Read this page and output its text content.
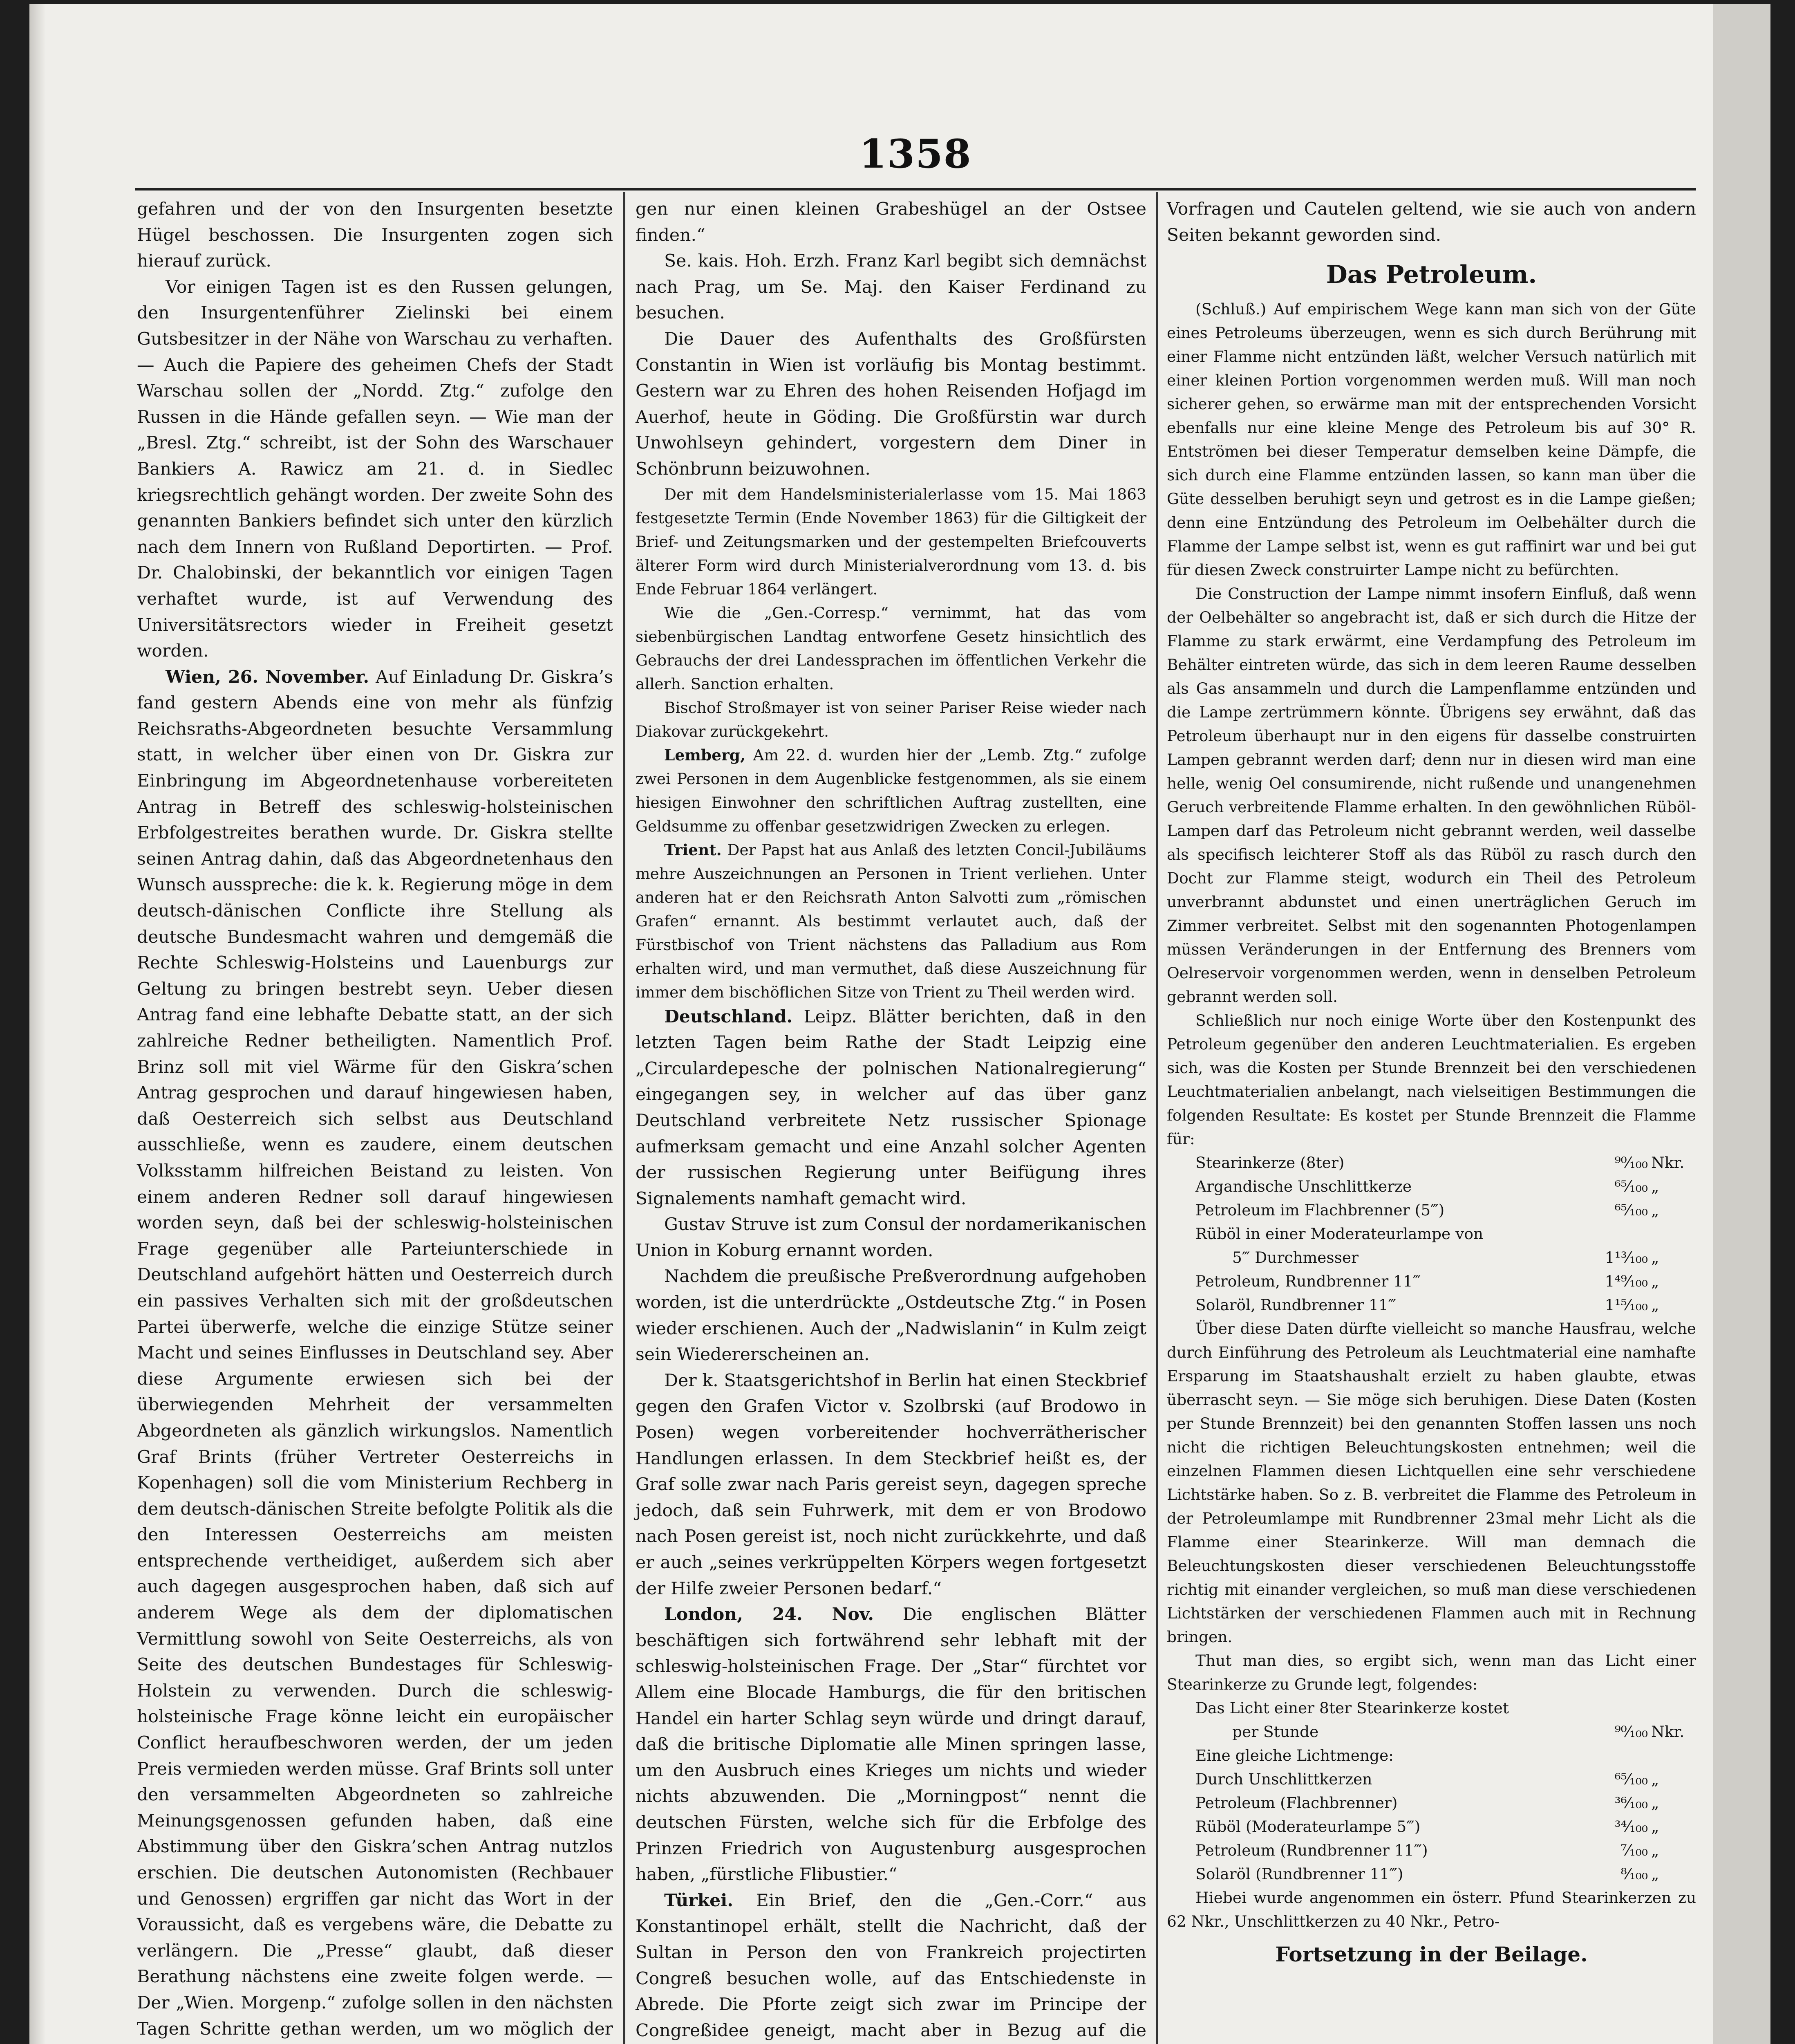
1358

gefahren und der von den Insurgenten besetzte Hügel beschossen. Die Insurgenten zogen sich hierauf zurück.

Vor einigen Tagen ist es den Russen gelungen, den Insurgentenführer Zielinski bei einem Gutsbesitzer in der Nähe von Warschau zu verhaften. — Auch die Papiere des geheimen Chefs der Stadt Warschau sollen der „Nordd. Ztg.“ zufolge den Russen in die Hände gefallen seyn. — Wie man der „Bresl. Ztg.“ schreibt, ist der Sohn des Warschauer Bankiers A. Rawicz am 21. d. in Siedlec kriegsrechtlich gehängt worden. Der zweite Sohn des genannten Bankiers befindet sich unter den kürzlich nach dem Innern von Rußland Deportirten. — Prof. Dr. Chalobinski, der bekanntlich vor einigen Tagen verhaftet wurde, ist auf Verwendung des Universitätsrectors wieder in Freiheit gesetzt worden.

Wien, 26. November. Auf Einladung Dr. Giskra’s fand gestern Abends eine von mehr als fünfzig Reichsraths-Abgeordneten besuchte Versammlung statt, in welcher über einen von Dr. Giskra zur Einbringung im Abgeordnetenhause vorbereiteten Antrag in Betreff des schleswig-holsteinischen Erbfolgestreites berathen wurde. Dr. Giskra stellte seinen Antrag dahin, daß das Abgeordnetenhaus den Wunsch ausspreche: die k. k. Regierung möge in dem deutsch-dänischen Conflicte ihre Stellung als deutsche Bundesmacht wahren und demgemäß die Rechte Schleswig-Holsteins und Lauenburgs zur Geltung zu bringen bestrebt seyn. Ueber diesen Antrag fand eine lebhafte Debatte statt, an der sich zahlreiche Redner betheiligten. Namentlich Prof. Brinz soll mit viel Wärme für den Giskra’schen Antrag gesprochen und darauf hingewiesen haben, daß Oesterreich sich selbst aus Deutschland ausschließe, wenn es zaudere, einem deutschen Volksstamm hilfreichen Beistand zu leisten. Von einem anderen Redner soll darauf hingewiesen worden seyn, daß bei der schleswig-holsteinischen Frage gegenüber alle Parteiunterschiede in Deutschland aufgehört hätten und Oesterreich durch ein passives Verhalten sich mit der großdeutschen Partei überwerfe, welche die einzige Stütze seiner Macht und seines Einflusses in Deutschland sey. Aber diese Argumente erwiesen sich bei der überwiegenden Mehrheit der versammelten Abgeordneten als gänzlich wirkungslos. Namentlich Graf Brints (früher Vertreter Oesterreichs in Kopenhagen) soll die vom Ministerium Rechberg in dem deutsch-dänischen Streite befolgte Politik als die den Interessen Oesterreichs am meisten entsprechende vertheidiget, außerdem sich aber auch dagegen ausgesprochen haben, daß sich auf anderem Wege als dem der diplomatischen Vermittlung sowohl von Seite Oesterreichs, als von Seite des deutschen Bundestages für Schleswig-Holstein zu verwenden. Durch die schleswig-holsteinische Frage könne leicht ein europäischer Conflict heraufbeschworen werden, der um jeden Preis vermieden werden müsse. Graf Brints soll unter den versammelten Abgeordneten so zahlreiche Meinungsgenossen gefunden haben, daß eine Abstimmung über den Giskra’schen Antrag nutzlos erschien. Die deutschen Autonomisten (Rechbauer und Genossen) ergriffen gar nicht das Wort in der Voraussicht, daß es vergebens wäre, die Debatte zu verlängern. Die „Presse“ glaubt, daß dieser Berathung nächstens eine zweite folgen werde. — Der „Wien. Morgenp.“ zufolge sollen in den nächsten Tagen Schritte gethan werden, um wo möglich der

gen nur einen kleinen Grabeshügel an der Ostsee finden.“

Se. kais. Hoh. Erzh. Franz Karl begibt sich demnächst nach Prag, um Se. Maj. den Kaiser Ferdinand zu besuchen.

Die Dauer des Aufenthalts des Großfürsten Constantin in Wien ist vorläufig bis Montag bestimmt. Gestern war zu Ehren des hohen Reisenden Hofjagd im Auerhof, heute in Göding. Die Großfürstin war durch Unwohlseyn gehindert, vorgestern dem Diner in Schönbrunn beizuwohnen.

Der mit dem Handelsministerialerlasse vom 15. Mai 1863 festgesetzte Termin (Ende November 1863) für die Giltigkeit der Brief- und Zeitungsmarken und der gestempelten Briefcouverts älterer Form wird durch Ministerialverordnung vom 13. d. bis Ende Februar 1864 verlängert.

Wie die „Gen.-Corresp.“ vernimmt, hat das vom siebenbürgischen Landtag entworfene Gesetz hinsichtlich des Gebrauchs der drei Landessprachen im öffentlichen Verkehr die allerh. Sanction erhalten.

Bischof Stroßmayer ist von seiner Pariser Reise wieder nach Diakovar zurückgekehrt.

Lemberg, Am 22. d. wurden hier der „Lemb. Ztg.“ zufolge zwei Personen in dem Augenblicke festgenommen, als sie einem hiesigen Einwohner den schriftlichen Auftrag zustellten, eine Geldsumme zu offenbar gesetzwidrigen Zwecken zu erlegen.

Trient. Der Papst hat aus Anlaß des letzten Concil-Jubiläums mehre Auszeichnungen an Personen in Trient verliehen. Unter anderen hat er den Reichsrath Anton Salvotti zum „römischen Grafen“ ernannt. Als bestimmt verlautet auch, daß der Fürstbischof von Trient nächstens das Palladium aus Rom erhalten wird, und man vermuthet, daß diese Auszeichnung für immer dem bischöflichen Sitze von Trient zu Theil werden wird.

Deutschland. Leipz. Blätter berichten, daß in den letzten Tagen beim Rathe der Stadt Leipzig eine „Circulardepesche der polnischen Nationalregierung“ eingegangen sey, in welcher auf das über ganz Deutschland verbreitete Netz russischer Spionage aufmerksam gemacht und eine Anzahl solcher Agenten der russischen Regierung unter Beifügung ihres Signalements namhaft gemacht wird.

Gustav Struve ist zum Consul der nordamerikanischen Union in Koburg ernannt worden.

Nachdem die preußische Preßverordnung aufgehoben worden, ist die unterdrückte „Ostdeutsche Ztg.“ in Posen wieder erschienen. Auch der „Nadwislanin“ in Kulm zeigt sein Wiedererscheinen an.

Der k. Staatsgerichtshof in Berlin hat einen Steckbrief gegen den Grafen Victor v. Szolbrski (auf Brodowo in Posen) wegen vorbereitender hochverrätherischer Handlungen erlassen. In dem Steckbrief heißt es, der Graf solle zwar nach Paris gereist seyn, dagegen spreche jedoch, daß sein Fuhrwerk, mit dem er von Brodowo nach Posen gereist ist, noch nicht zurückkehrte, und daß er auch „seines verkrüppelten Körpers wegen fortgesetzt der Hilfe zweier Personen bedarf.“

London, 24. Nov. Die englischen Blätter beschäftigen sich fortwährend sehr lebhaft mit der schleswig-holsteinischen Frage. Der „Star“ fürchtet vor Allem eine Blocade Hamburgs, die für den britischen Handel ein harter Schlag seyn würde und dringt darauf, daß die britische Diplomatie alle Minen springen lasse, um den Ausbruch eines Krieges um nichts und wieder nichts abzuwenden. Die „Morningpost“ nennt die deutschen Fürsten, welche sich für die Erbfolge des Prinzen Friedrich von Augustenburg ausgesprochen haben, „fürstliche Flibustier.“

Türkei. Ein Brief, den die „Gen.-Corr.“ aus Konstantinopel erhält, stellt die Nachricht, daß der Sultan in Person den von Frankreich projectirten Congreß besuchen wolle, auf das Entschiedenste in Abrede. Die Pforte zeigt sich zwar im Principe der Congreßidee geneigt, macht aber in Bezug auf die

Vorfragen und Cautelen geltend, wie sie auch von andern Seiten bekannt geworden sind.

Das Petroleum.

(Schluß.) Auf empirischem Wege kann man sich von der Güte eines Petroleums überzeugen, wenn es sich durch Berührung mit einer Flamme nicht entzünden läßt, welcher Versuch natürlich mit einer kleinen Portion vorgenommen werden muß. Will man noch sicherer gehen, so erwärme man mit der entsprechenden Vorsicht ebenfalls nur eine kleine Menge des Petroleum bis auf 30° R. Entströmen bei dieser Temperatur demselben keine Dämpfe, die sich durch eine Flamme entzünden lassen, so kann man über die Güte desselben beruhigt seyn und getrost es in die Lampe gießen; denn eine Entzündung des Petroleum im Oelbehälter durch die Flamme der Lampe selbst ist, wenn es gut raffinirt war und bei gut für diesen Zweck construirter Lampe nicht zu befürchten.

Die Construction der Lampe nimmt insofern Einfluß, daß wenn der Oelbehälter so angebracht ist, daß er sich durch die Hitze der Flamme zu stark erwärmt, eine Verdampfung des Petroleum im Behälter eintreten würde, das sich in dem leeren Raume desselben als Gas ansammeln und durch die Lampenflamme entzünden und die Lampe zertrümmern könnte. Übrigens sey erwähnt, daß das Petroleum überhaupt nur in den eigens für dasselbe construirten Lampen gebrannt werden darf; denn nur in diesen wird man eine helle, wenig Oel consumirende, nicht rußende und unangenehmen Geruch verbreitende Flamme erhalten. In den gewöhnlichen Rüböl-Lampen darf das Petroleum nicht gebrannt werden, weil dasselbe als specifisch leichterer Stoff als das Rüböl zu rasch durch den Docht zur Flamme steigt, wodurch ein Theil des Petroleum unverbrannt abdunstet und einen unerträglichen Geruch im Zimmer verbreitet. Selbst mit den sogenannten Photogenlampen müssen Veränderungen in der Entfernung des Brenners vom Oelreservoir vorgenommen werden, wenn in denselben Petroleum gebrannt werden soll.

Schließlich nur noch einige Worte über den Kostenpunkt des Petroleum gegenüber den anderen Leuchtmaterialien. Es ergeben sich, was die Kosten per Stunde Brennzeit bei den verschiedenen Leuchtmaterialien anbelangt, nach vielseitigen Bestimmungen die folgenden Resultate: Es kostet per Stunde Brennzeit die Flamme für:

Stearinkerze (8ter)	⁹⁰⁄₁₀₀	Nkr.
Argandische Unschlittkerze	⁶⁵⁄₁₀₀	„
Petroleum im Flachbrenner (5‴)	⁶⁵⁄₁₀₀	„
Rüböl in einer Moderateurlampe von		
5‴ Durchmesser	1¹³⁄₁₀₀	„
Petroleum, Rundbrenner 11‴	1⁴⁹⁄₁₀₀	„
Solaröl, Rundbrenner 11‴	1¹⁵⁄₁₀₀	„

Über diese Daten dürfte vielleicht so manche Hausfrau, welche durch Einführung des Petroleum als Leuchtmaterial eine namhafte Ersparung im Staatshaushalt erzielt zu haben glaubte, etwas überrascht seyn. — Sie möge sich beruhigen. Diese Daten (Kosten per Stunde Brennzeit) bei den genannten Stoffen lassen uns noch nicht die richtigen Beleuchtungskosten entnehmen; weil die einzelnen Flammen diesen Lichtquellen eine sehr verschiedene Lichtstärke haben. So z. B. verbreitet die Flamme des Petroleum in der Petroleumlampe mit Rundbrenner 23mal mehr Licht als die Flamme einer Stearinkerze. Will man demnach die Beleuchtungskosten dieser verschiedenen Beleuchtungsstoffe richtig mit einander vergleichen, so muß man diese verschiedenen Lichtstärken der verschiedenen Flammen auch mit in Rechnung bringen.

Thut man dies, so ergibt sich, wenn man das Licht einer Stearinkerze zu Grunde legt, folgendes:

Das Licht einer 8ter Stearinkerze kostet

per Stunde	⁹⁰⁄₁₀₀	Nkr.
Eine gleiche Lichtmenge:		
Durch Unschlittkerzen	⁶⁵⁄₁₀₀	„
Petroleum (Flachbrenner)	³⁶⁄₁₀₀	„
Rüböl (Moderateurlampe 5‴)	³⁴⁄₁₀₀	„
Petroleum (Rundbrenner 11‴)	⁷⁄₁₀₀	„
Solaröl (Rundbrenner 11‴)	⁸⁄₁₀₀	„

Hiebei wurde angenommen ein österr. Pfund Stearinkerzen zu 62 Nkr., Unschlittkerzen zu 40 Nkr., Petro-

Fortsetzung in der Beilage.
